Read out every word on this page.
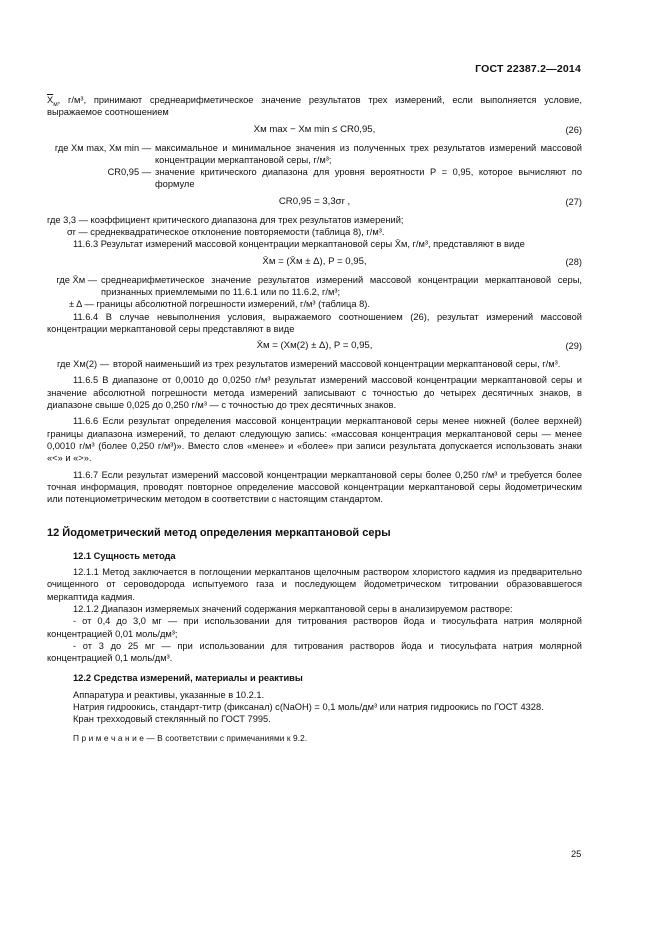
ГОСТ 22387.2—2014

$\overline{X}_м$, г/м³, принимают среднеарифметическое значение результатов трех измерений, если выполняется условие, выражаемое соотношением

Xм max − Xм min ≤ CR0,95,	(26)
где Xм max, Xм min — максимальное и минимальное значения из полученных трех результатов измерений массовой концентрации меркаптановой серы, г/м³;
CR0,95 — значение критического диапазона для уровня вероятности P = 0,95, которое вычисляют по формуле
CR0,95 = 3,3σr ,	(27)

где 3,3 — коэффициент критического диапазона для трех результатов измерений;

σr — среднеквадратическое отклонение повторяемости (таблица 8), г/м³.

11.6.3 Результат измерений массовой концентрации меркаптановой серы X̄м, г/м³, представляют в виде

X̄м = (X̄м ± Δ), P = 0,95,	(28)
где X̄м — среднеарифметическое значение результатов измерений массовой концентрации меркаптановой серы, признанных приемлемыми по 11.6.1 или по 11.6.2, г/м³;

± Δ — границы абсолютной погрешности измерений, г/м³ (таблица 8).

11.6.4 В случае невыполнения условия, выражаемого соотношением (26), результат измерений массовой концентрации меркаптановой серы представляют в виде

X̄м = (Xм(2) ± Δ), P = 0,95,	(29)
где Xм(2) — второй наименьший из трех результатов измерений массовой концентрации меркаптановой серы, г/м³.

11.6.5 В диапазоне от 0,0010 до 0,0250 г/м³ результат измерений массовой концентрации меркаптановой серы и значение абсолютной погрешности метода измерений записывают с точностью до четырех десятичных знаков, в диапазоне свыше 0,025 до 0,250 г/м³ — с точностью до трех десятичных знаков.

11.6.6 Если результат определения массовой концентрации меркаптановой серы менее нижней (более верхней) границы диапазона измерений, то делают следующую запись: «массовая концентрация меркаптановой серы — менее 0,0010 г/м³ (более 0,250 г/м³)». Вместо слов «менее» и «более» при записи результата допускается использовать знаки «<» и «>».

11.6.7 Если результат измерений массовой концентрации меркаптановой серы более 0,250 г/м³ и требуется более точная информация, проводят повторное определение массовой концентрации меркаптановой серы йодометрическим или потенциометрическим методом в соответствии с настоящим стандартом.

12 Йодометрический метод определения меркаптановой серы
12.1 Сущность метода

12.1.1 Метод заключается в поглощении меркаптанов щелочным раствором хлористого кадмия из предварительно очищенного от сероводорода испытуемого газа и последующем йодометрическом титровании образовавшегося меркаптида кадмия.

12.1.2 Диапазон измеряемых значений содержания меркаптановой серы в анализируемом растворе:

- от 0,4 до 3,0 мг — при использовании для титрования растворов йода и тиосульфата натрия молярной концентрацией 0,01 моль/дм³;

- от 3 до 25 мг — при использовании для титрования растворов йода и тиосульфата натрия молярной концентрацией 0,1 моль/дм³.

12.2 Средства измерений, материалы и реактивы

Аппаратура и реактивы, указанные в 10.2.1.

Натрия гидроокись, стандарт-титр (фиксанал) c(NaOH) = 0,1 моль/дм³ или натрия гидроокись по ГОСТ 4328.

Кран трехходовый стеклянный по ГОСТ 7995.

П р и м е ч а н и е — В соответствии с примечаниями к 9.2.
25
